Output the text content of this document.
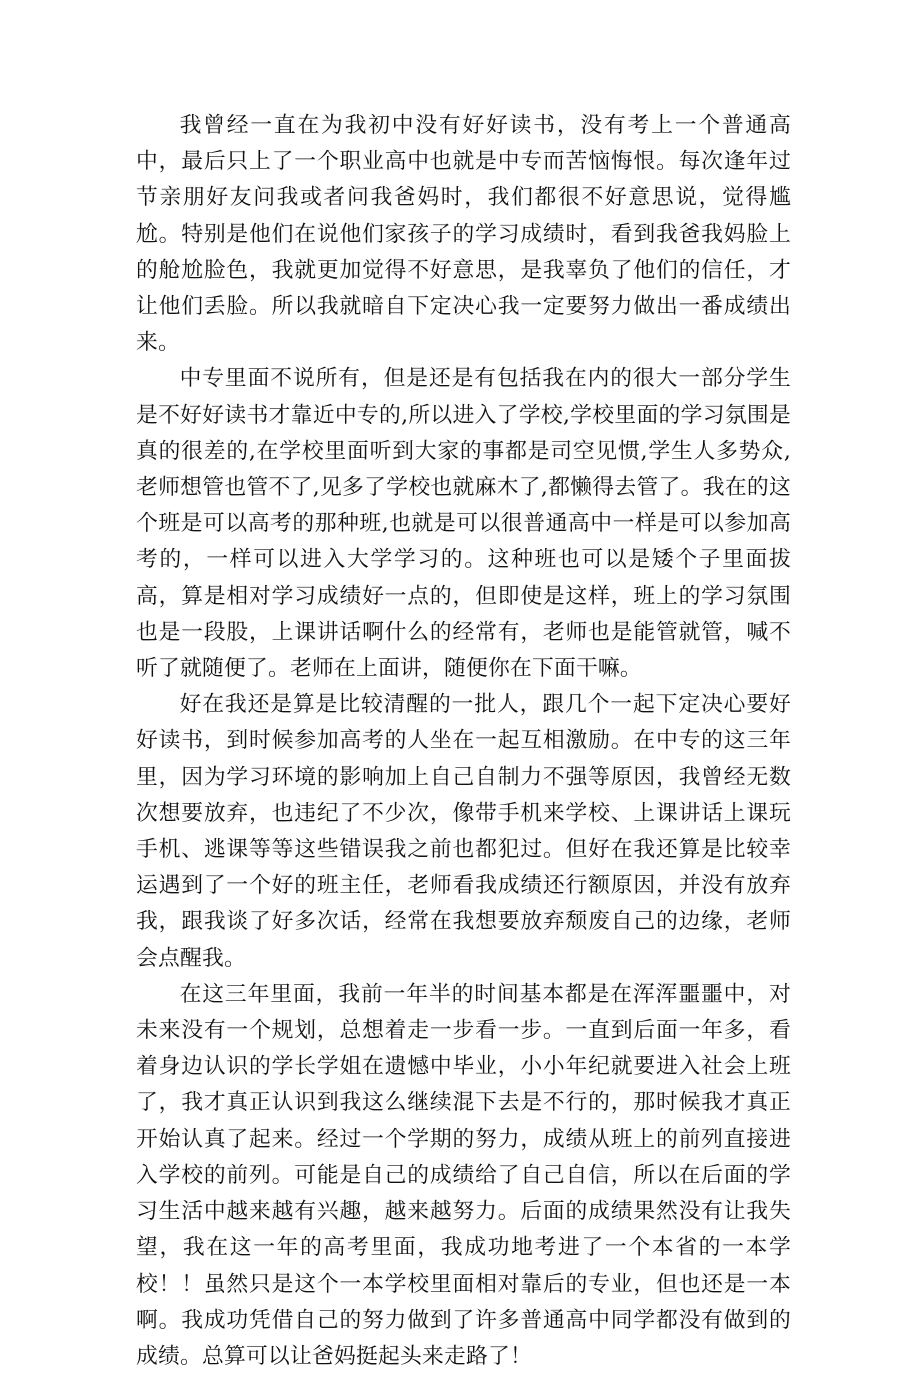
我曾经一直在为我初中没有好好读书，没有考上一个普通高中，最后只上了一个职业高中也就是中专而苦恼悔恨。每次逢年过节亲朋好友问我或者问我爸妈时，我们都很不好意思说，觉得尴尬。特别是他们在说他们家孩子的学习成绩时，看到我爸我妈脸上的舱尬脸色，我就更加觉得不好意思，是我辜负了他们的信任，才让他们丢脸。所以我就暗自下定决心我一定要努力做出一番成绩出来。

中专里面不说所有，但是还是有包括我在内的很大一部分学生是不好好读书才靠近中专的,所以进入了学校,学校里面的学习氛围是真的很差的,在学校里面听到大家的事都是司空见惯,学生人多势众,老师想管也管不了,见多了学校也就麻木了,都懒得去管了。我在的这个班是可以高考的那种班,也就是可以很普通高中一样是可以参加高考的，一样可以进入大学学习的。这种班也可以是矮个子里面拔高，算是相对学习成绩好一点的，但即使是这样，班上的学习氛围也是一段股，上课讲话啊什么的经常有，老师也是能管就管，喊不听了就随便了。老师在上面讲，随便你在下面干嘛。

好在我还是算是比较清醒的一批人，跟几个一起下定决心要好好读书，到时候参加高考的人坐在一起互相激励。在中专的这三年里，因为学习环境的影响加上自己自制力不强等原因，我曾经无数次想要放弃，也违纪了不少次，像带手机来学校、上课讲话上课玩手机、逃课等等这些错误我之前也都犯过。但好在我还算是比较幸运遇到了一个好的班主任，老师看我成绩还行额原因，并没有放弃我，跟我谈了好多次话，经常在我想要放弃颓废自己的边缘，老师会点醒我。

在这三年里面，我前一年半的时间基本都是在浑浑噩噩中，对未来没有一个规划，总想着走一步看一步。一直到后面一年多，看着身边认识的学长学姐在遗憾中毕业，小小年纪就要进入社会上班了，我才真正认识到我这么继续混下去是不行的，那时候我才真正开始认真了起来。经过一个学期的努力，成绩从班上的前列直接进入学校的前列。可能是自己的成绩给了自己自信，所以在后面的学习生活中越来越有兴趣，越来越努力。后面的成绩果然没有让我失望，我在这一年的高考里面，我成功地考进了一个本省的一本学校！！虽然只是这个一本学校里面相对靠后的专业，但也还是一本啊。我成功凭借自己的努力做到了许多普通高中同学都没有做到的成绩。总算可以让爸妈挺起头来走路了！
